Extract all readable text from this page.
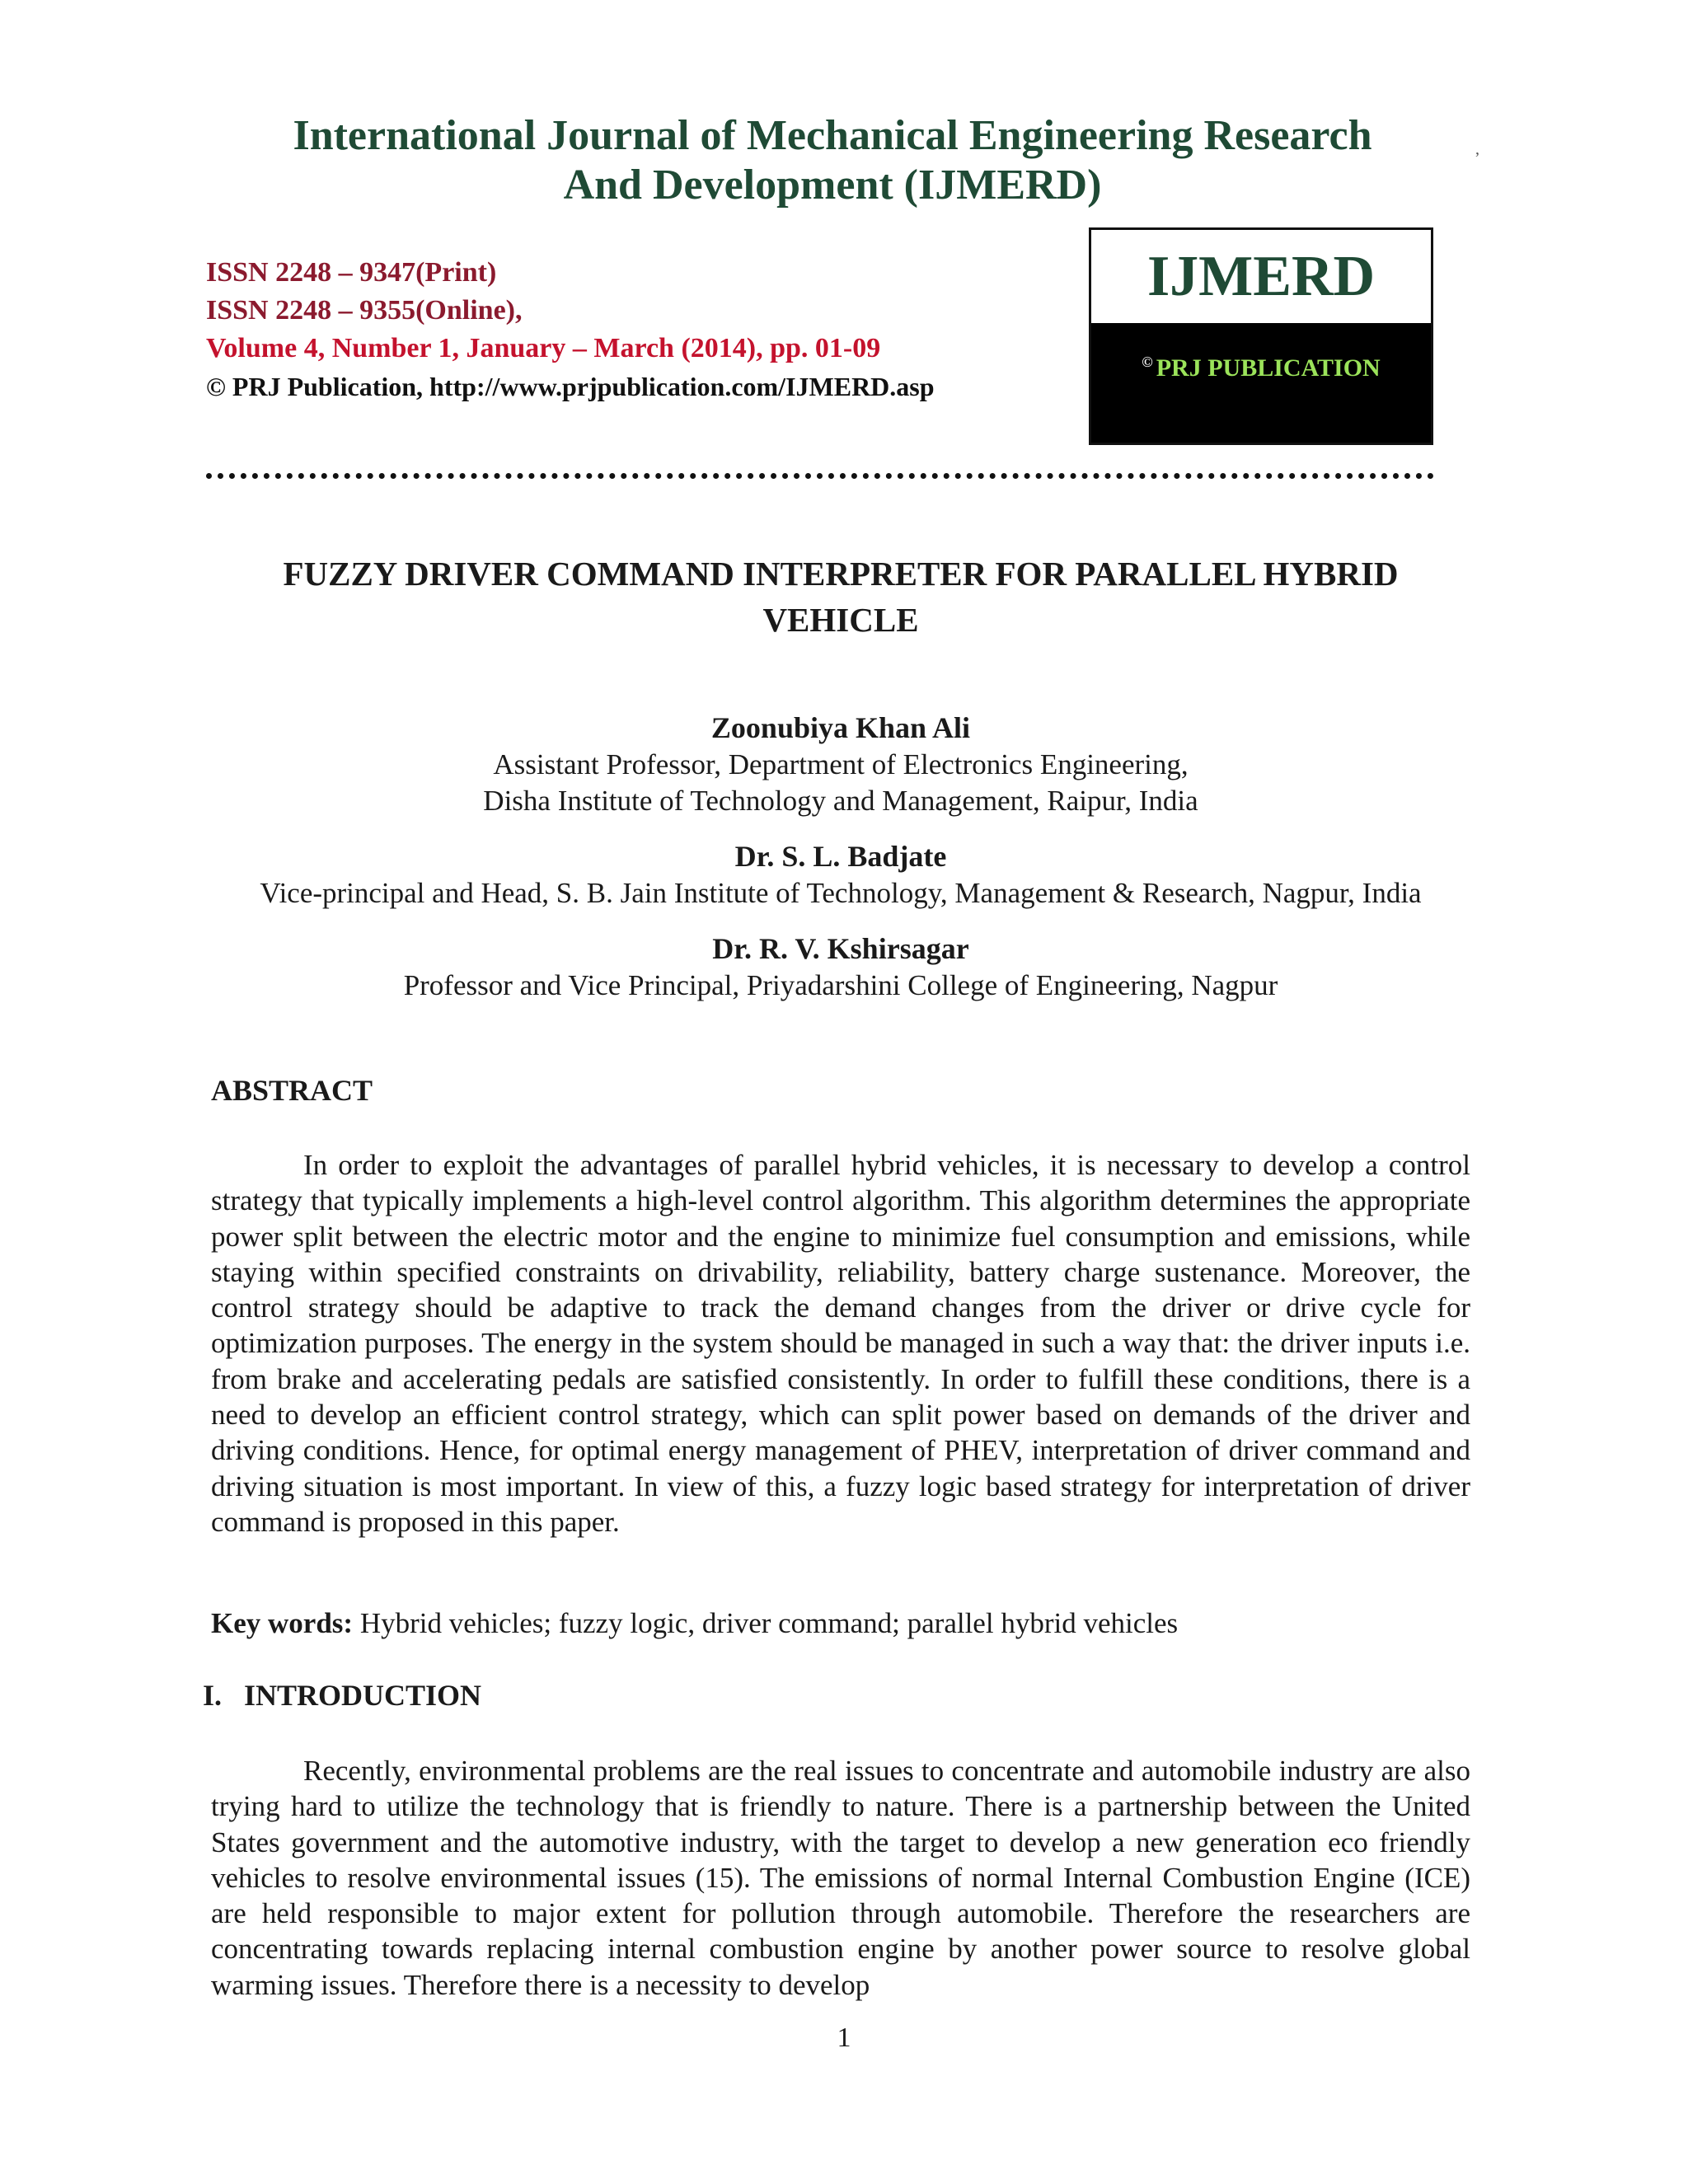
International Journal of Mechanical Engineering Research
And Development (IJMERD)
,
ISSN 2248 – 9347(Print)
ISSN 2248 – 9355(Online),
Volume 4, Number 1, January – March (2014), pp. 01-09
© PRJ Publication, http://www.prjpublication.com/IJMERD.asp
IJMERD
© PRJ PUBLICATION
FUZZY DRIVER COMMAND INTERPRETER FOR PARALLEL HYBRID
VEHICLE
Zoonubiya Khan Ali
Assistant Professor, Department of Electronics Engineering,
Disha Institute of Technology and Management, Raipur, India
Dr. S. L. Badjate
Vice-principal and Head, S. B. Jain Institute of Technology, Management & Research, Nagpur, India
Dr. R. V. Kshirsagar
Professor and Vice Principal, Priyadarshini College of Engineering, Nagpur
ABSTRACT
In order to exploit the advantages of parallel hybrid vehicles, it is necessary to develop a control strategy that typically implements a high-level control algorithm. This algorithm determines the appropriate power split between the electric motor and the engine to minimize fuel consumption and emissions, while staying within specified constraints on drivability, reliability, battery charge sustenance. Moreover, the control strategy should be adaptive to track the demand changes from the driver or drive cycle for optimization purposes. The energy in the system should be managed in such a way that: the driver inputs i.e. from brake and accelerating pedals are satisfied consistently. In order to fulfill these conditions, there is a need to develop an efficient control strategy, which can split power based on demands of the driver and driving conditions. Hence, for optimal energy management of PHEV, interpretation of driver command and driving situation is most important. In view of this, a fuzzy logic based strategy for interpretation of driver command is proposed in this paper.
Key words: Hybrid vehicles; fuzzy logic, driver command; parallel hybrid vehicles
I. INTRODUCTION
Recently, environmental problems are the real issues to concentrate and automobile industry are also trying hard to utilize the technology that is friendly to nature. There is a partnership between the United States government and the automotive industry, with the target to develop a new generation eco friendly vehicles to resolve environmental issues (15). The emissions of normal Internal Combustion Engine (ICE) are held responsible to major extent for pollution through automobile. Therefore the researchers are concentrating towards replacing internal combustion engine by another power source to resolve global warming issues. Therefore there is a necessity to develop
1
